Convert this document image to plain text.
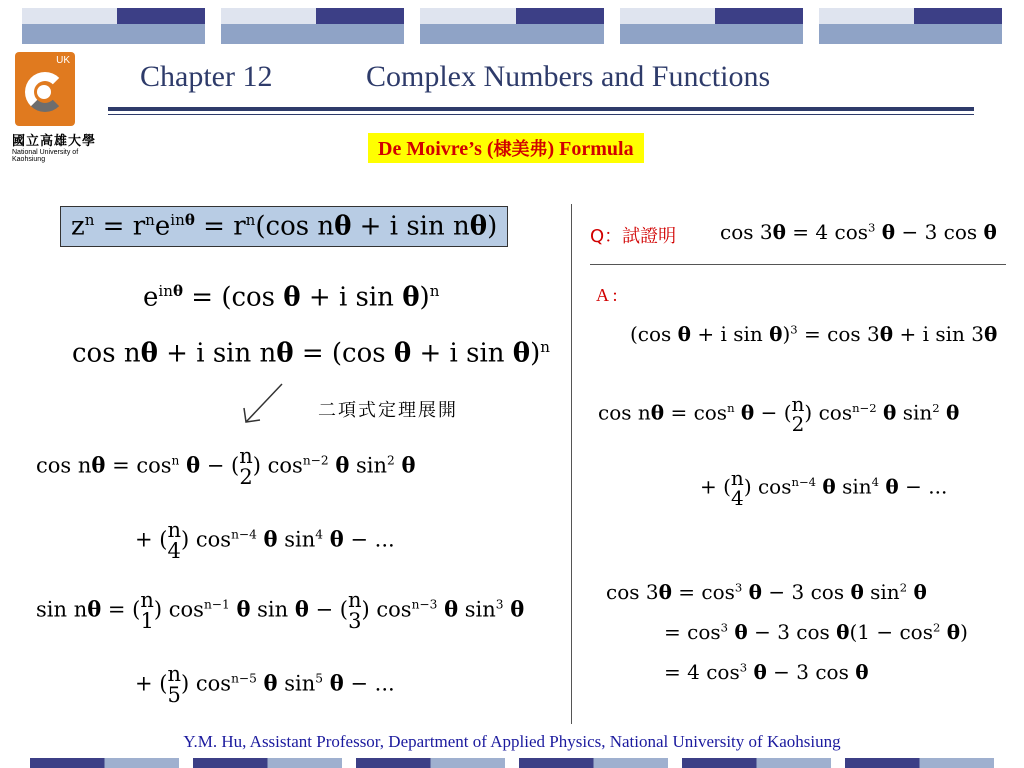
UK
國立高雄大學
National University of Kaohsiung
Chapter 12	Complex Numbers and Functions
De Moivre’s (棣美弗) Formula
$z^n = r^ne^{in\theta} = r^n(\cos$ nθ + i sin nθ)
$e^{in\theta} = (\cos$ θ + i sin θ)$^n$
cos nθ + i sin nθ = (cos θ + i sin θ)$^n$
二項式定理展開
$\cos n\theta = \cos^n \theta$ − ( n
2 ) $\cos^{n-2} \theta$ $\sin^2 \theta$
+ ( n
4 ) $\cos^{n-4} \theta$ $\sin^4 \theta$ − ...
sin nθ = ( n
1 ) $\cos^{n-1} \theta$ sin θ − ( n
3 ) $\cos^{n-3} \theta$ $\sin^3 \theta$
+ ( n
5 ) $\cos^{n-5} \theta$ $\sin^5 \theta$ − ...
Q：試證明 cos 3θ = 4 $\cos^3 \theta - 3$ cos θ
A :
(cos θ + i sin θ)$^3$ = cos 3θ + i sin 3θ
$\cos n\theta = \cos^n \theta$ − ( n
2 ) $\cos^{n-2} \theta$ $\sin^2 \theta$
+ ( n
4 ) $\cos^{n-4} \theta$ $\sin^4 \theta$ − ...
$\cos 3\theta = \cos^3 \theta - 3$ cos θ $\sin^2 \theta$
= $\cos^3 \theta - 3$ $\cos \theta(1 - \cos^2 \theta)$
= 4 $\cos^3 \theta - 3$ cos θ
Y.M. Hu, Assistant Professor, Department of Applied Physics, National University of Kaohsiung
